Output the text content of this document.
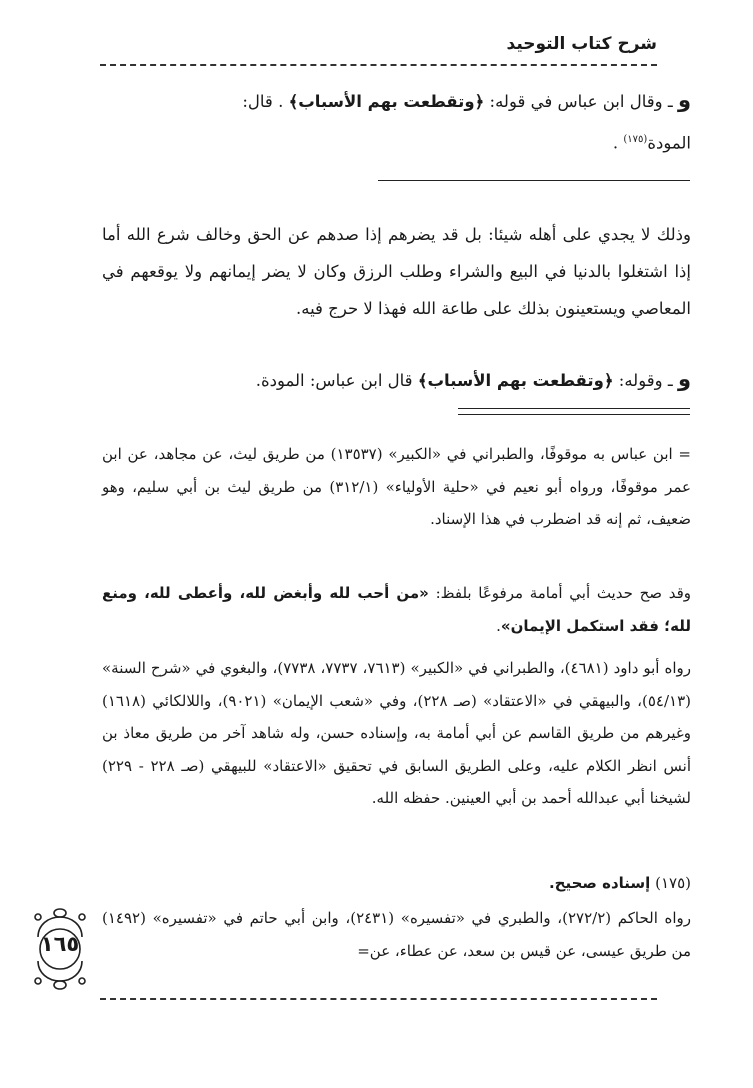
شرح كتاب التوحيد
و ـ وقال ابن عباس في قوله: ﴿وتقطعت بهم الأسباب﴾ . قال:
المودة$^{(١٧٥)}$ .
وذلك لا يجدي على أهله شيئا: بل قد يضرهم إذا صدهم عن الحق وخالف شرع الله أما إذا اشتغلوا بالدنيا في البيع والشراء وطلب الرزق وكان لا يضر إيمانهم ولا يوقعهم في المعاصي ويستعينون بذلك على طاعة الله فهذا لا حرج فيه.
و ـ وقوله: ﴿وتقطعت بهم الأسباب﴾ قال ابن عباس: المودة.
= ابن عباس به موقوفًا، والطبراني في «الكبير» (١٣٥٣٧) من طريق ليث، عن مجاهد، عن ابن عمر موقوفًا، ورواه أبو نعيم في «حلية الأولياء» (٣١٢/١) من طريق ليث بن أبي سليم، وهو ضعيف، ثم إنه قد اضطرب في هذا الإسناد.
وقد صح حديث أبي أمامة مرفوعًا بلفظ: «من أحب لله وأبغض لله، وأعطى لله، ومنع لله؛ فقد استكمل الإيمان».
رواه أبو داود (٤٦٨١)، والطبراني في «الكبير» (٧٦١٣، ٧٧٣٧، ٧٧٣٨)، والبغوي في «شرح السنة» (٥٤/١٣)، والبيهقي في «الاعتقاد» (صـ ٢٢٨)، وفي «شعب الإيمان» (٩٠٢١)، واللالكائي (١٦١٨) وغيرهم من طريق القاسم عن أبي أمامة به، وإسناده حسن، وله شاهد آخر من طريق معاذ بن أنس انظر الكلام عليه، وعلى الطريق السابق في تحقيق «الاعتقاد» للبيهقي (صـ ٢٢٨ - ٢٢٩) لشيخنا أبي عبدالله أحمد بن أبي العينين. حفظه الله.
(١٧٥) إسناده صحيح.
رواه الحاكم (٢٧٢/٢)، والطبري في «تفسيره» (٢٤٣١)، وابن أبي حاتم في «تفسيره» (١٤٩٢) من طريق عيسى، عن قيس بن سعد، عن عطاء، عن=
١٦٥
